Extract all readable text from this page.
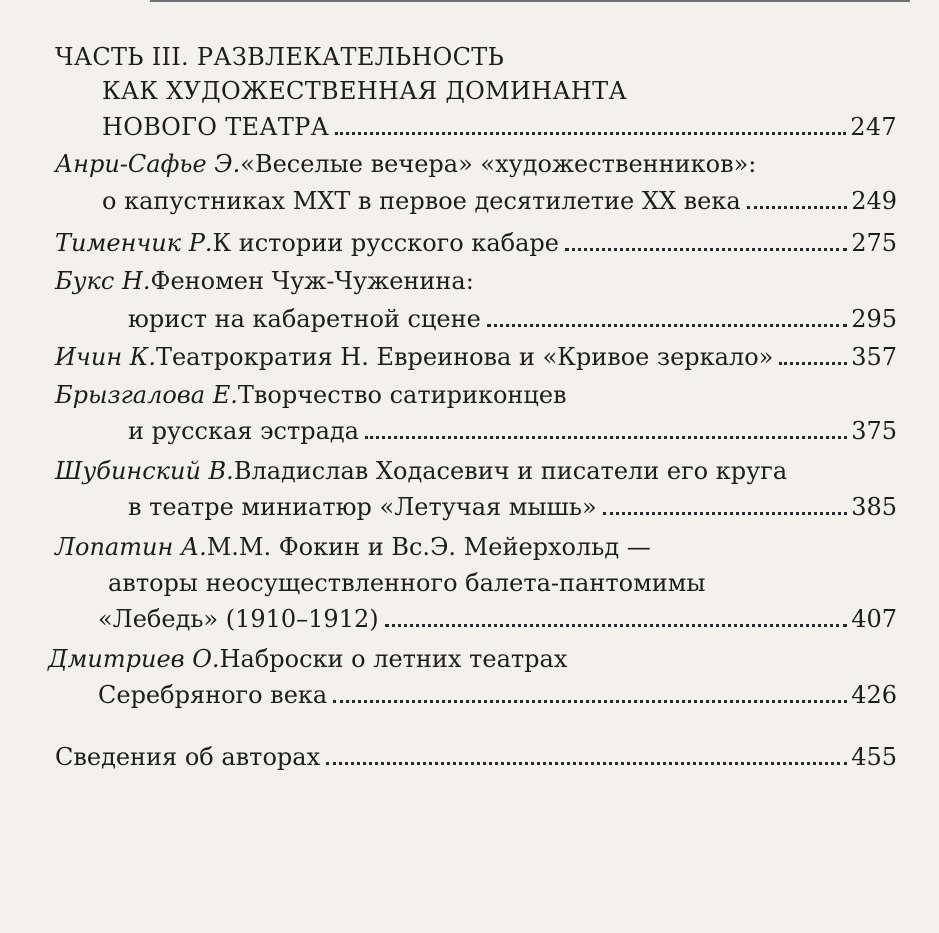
ЧАСТЬ III. РАЗВЛЕКАТЕЛЬНОСТЬ
КАК ХУДОЖЕСТВЕННАЯ ДОМИНАНТА
НОВОГО ТЕАТРА	247
Анри-Сафье Э. «Веселые вечера» «художественников»:
о капустниках МХТ в первое десятилетие XX века	249
Тименчик Р. К истории русского кабаре	275
Букс Н. Феномен Чуж-Чуженина:
юрист на кабаретной сцене	295
Ичин К. Театрократия Н. Евреинова и «Кривое зеркало»	357
Брызгалова Е. Творчество сатириконцев
и русская эстрада	375
Шубинский В. Владислав Ходасевич и писатели его круга
в театре миниатюр «Летучая мышь»	385
Лопатин А. М.М. Фокин и Вс.Э. Мейерхольд —
авторы неосуществленного балета-пантомимы
«Лебедь» (1910–1912)	407
Дмитриев О. Наброски о летних театрах
Серебряного века	426
Сведения об авторах	455
